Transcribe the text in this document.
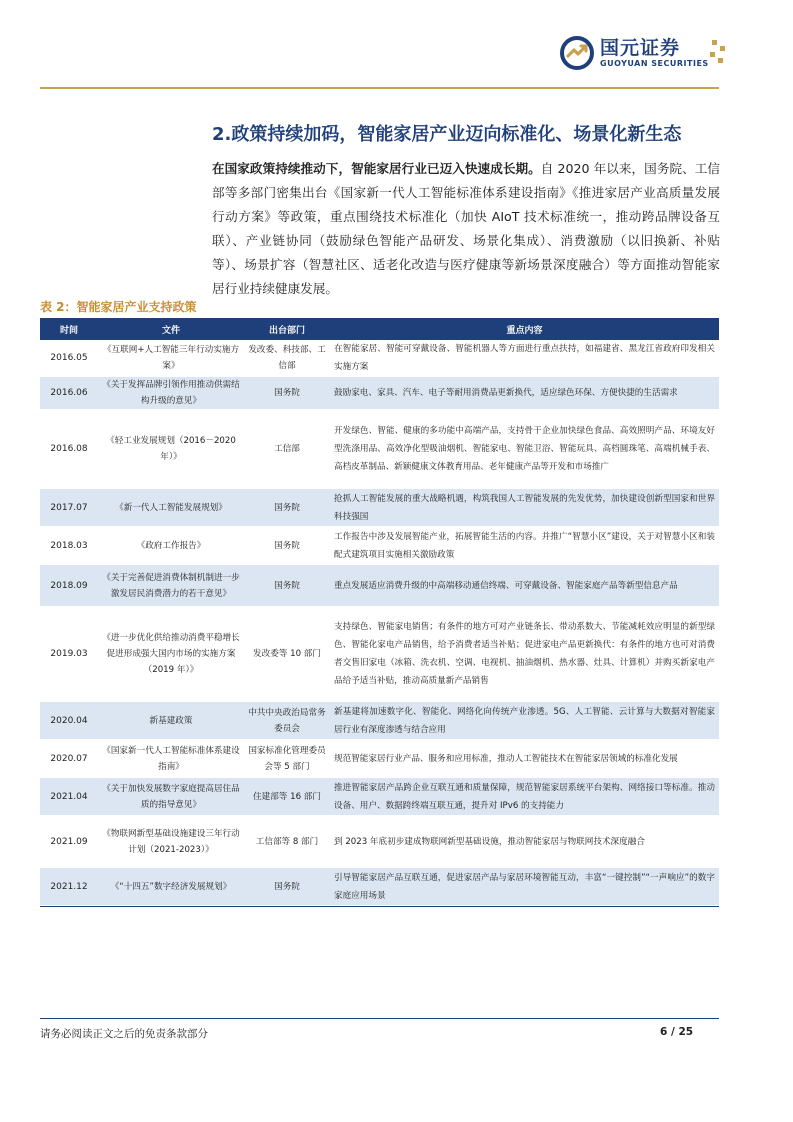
国元证券
GUOYUAN SECURITIES
2.政策持续加码，智能家居产业迈向标准化、场景化新生态
在国家政策持续推动下，智能家居行业已迈入快速成长期。自 2020 年以来，国务院、工信部等多部门密集出台《国家新一代人工智能标准体系建设指南》《推进家居产业高质量发展行动方案》等政策，重点围绕技术标准化（加快 AIoT 技术标准统一，推动跨品牌设备互联）、产业链协同（鼓励绿色智能产品研发、场景化集成）、消费激励（以旧换新、补贴等）、场景扩容（智慧社区、适老化改造与医疗健康等新场景深度融合）等方面推动智能家居行业持续健康发展。
表 2：智能家居产业支持政策
时间	文件	出台部门	重点内容
2016.05	《互联网+人工智能三年行动实施方案》	发改委、科技部、工信部	在智能家居、智能可穿戴设备、智能机器人等方面进行重点扶持，如福建省、黑龙江省政府印发相关实施方案
2016.06	《关于发挥品牌引领作用推动供需结构升级的意见》	国务院	鼓励家电、家具、汽车、电子等耐用消费品更新换代，适应绿色环保、方便快捷的生活需求
2016.08	《轻工业发展规划（2016－2020 年）》	工信部	开发绿色、智能、健康的多功能中高端产品，支持骨干企业加快绿色食品、高效照明产品、环境友好型洗涤用品、高效净化型吸油烟机、智能家电、智能卫浴、智能玩具、高档圆珠笔、高端机械手表、高档皮革制品、新颖健康文体教育用品、老年健康产品等开发和市场推广
2017.07	《新一代人工智能发展规划》	国务院	抢抓人工智能发展的重大战略机遇，构筑我国人工智能发展的先发优势，加快建设创新型国家和世界科技强国
2018.03	《政府工作报告》	国务院	工作报告中涉及发展智能产业，拓展智能生活的内容。并推广“智慧小区”建设，关于对智慧小区和装配式建筑项目实施相关激励政策
2018.09	《关于完善促进消费体制机制进一步激发居民消费潜力的若干意见》	国务院	重点发展适应消费升级的中高端移动通信终端、可穿戴设备、智能家庭产品等新型信息产品
2019.03	《进一步优化供给推动消费平稳增长促进形成强大国内市场的实施方案（2019 年）》	发改委等 10 部门	支持绿色、智能家电销售；有条件的地方可对产业链条长、带动系数大、节能减耗效应明显的新型绿色、智能化家电产品销售，给予消费者适当补贴；促进家电产品更新换代：有条件的地方也可对消费者交售旧家电（冰箱、洗衣机、空调、电视机、抽油烟机、热水器、灶具、计算机）并购买新家电产品给予适当补贴，推动高质量新产品销售
2020.04	新基建政策	中共中央政治局常务委员会	新基建将加速数字化、智能化、网络化向传统产业渗透。5G、人工智能、云计算与大数据对智能家居行业有深度渗透与结合应用
2020.07	《国家新一代人工智能标准体系建设指南》	国家标准化管理委员会等 5 部门	规范智能家居行业产品、服务和应用标准，推动人工智能技术在智能家居领域的标准化发展
2021.04	《关于加快发展数字家庭提高居住品质的指导意见》	住建部等 16 部门	推进智能家居产品跨企业互联互通和质量保障，规范智能家居系统平台架构、网络接口等标准。推动设备、用户、数据跨终端互联互通，提升对 IPv6 的支持能力
2021.09	《物联网新型基础设施建设三年行动计划（2021-2023）》	工信部等 8 部门	到 2023 年底初步建成物联网新型基础设施，推动智能家居与物联网技术深度融合
2021.12	《“十四五”数字经济发展规划》	国务院	引导智能家居产品互联互通，促进家居产品与家居环境智能互动，丰富“一键控制”“一声响应”的数字家庭应用场景
请务必阅读正文之后的免责条款部分	6 / 25
